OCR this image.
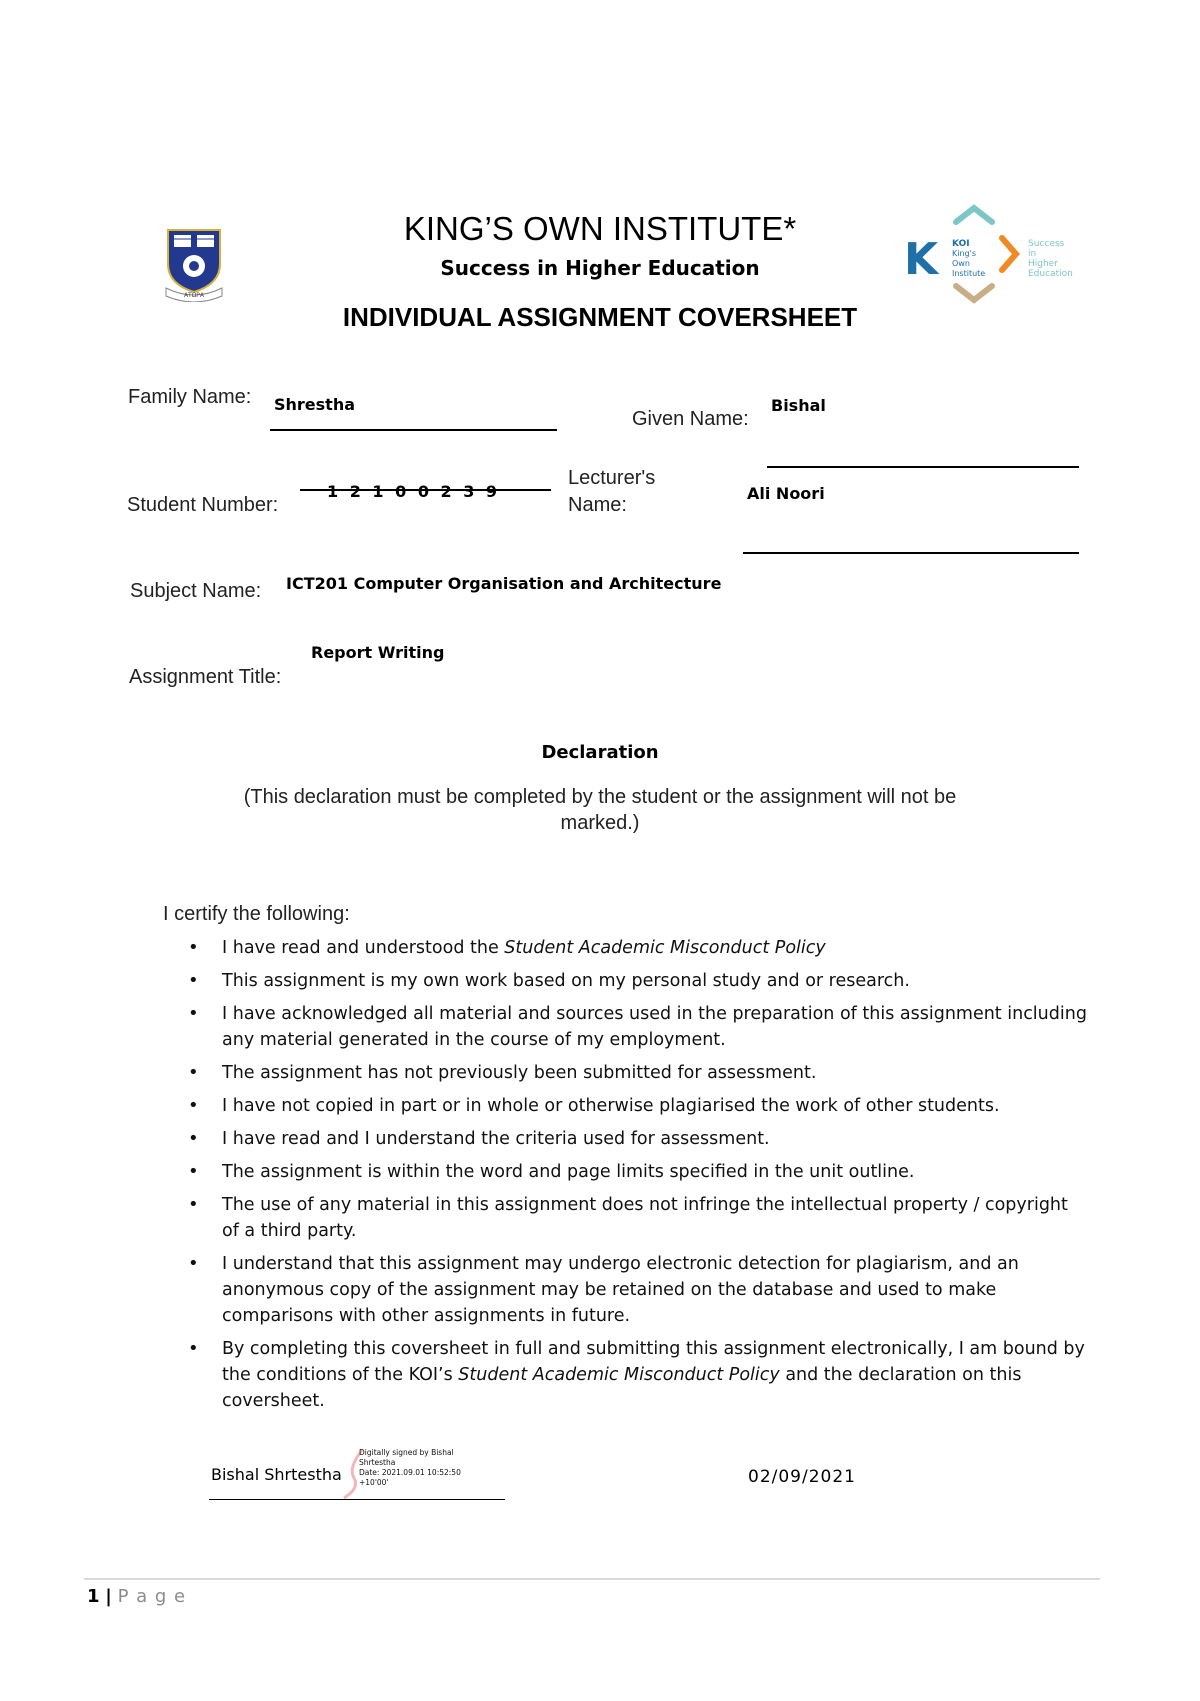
ΑΤΩΡΑ
KING’S OWN INSTITUTE*
Success in Higher Education
INDIVIDUAL ASSIGNMENT COVERSHEET
K KOI
King's
Own
Institute
Success
in
Higher
Education
Family Name: Shrestha
Given Name:
Bishal
Student Number:
1 2 1 0 0 2 3 9
Lecturer's
Name:
Ali Noori
Subject Name: ICT201 Computer Organisation and Architecture
Report Writing
Assignment Title:
Declaration
(This declaration must be completed by the student or the assignment will not be
marked.)
I certify the following:
• I have read and understood the Student Academic Misconduct Policy
• This assignment is my own work based on my personal study and or research.
• I have acknowledged all material and sources used in the preparation of this assignment including any material generated in the course of my employment.
• The assignment has not previously been submitted for assessment.
• I have not copied in part or in whole or otherwise plagiarised the work of other students.
• I have read and I understand the criteria used for assessment.
• The assignment is within the word and page limits specified in the unit outline.
• The use of any material in this assignment does not infringe the intellectual property / copyright of a third party.
• I understand that this assignment may undergo electronic detection for plagiarism, and an anonymous copy of the assignment may be retained on the database and used to make comparisons with other assignments in future.
• By completing this coversheet in full and submitting this assignment electronically, I am bound by the conditions of the KOI’s Student Academic Misconduct Policy and the declaration on this coversheet.
Bishal Shrtestha
Digitally signed by Bishal
Shrtestha
Date: 2021.09.01 10:52:50
+10'00'	02/09/2021
1 | P a g e
